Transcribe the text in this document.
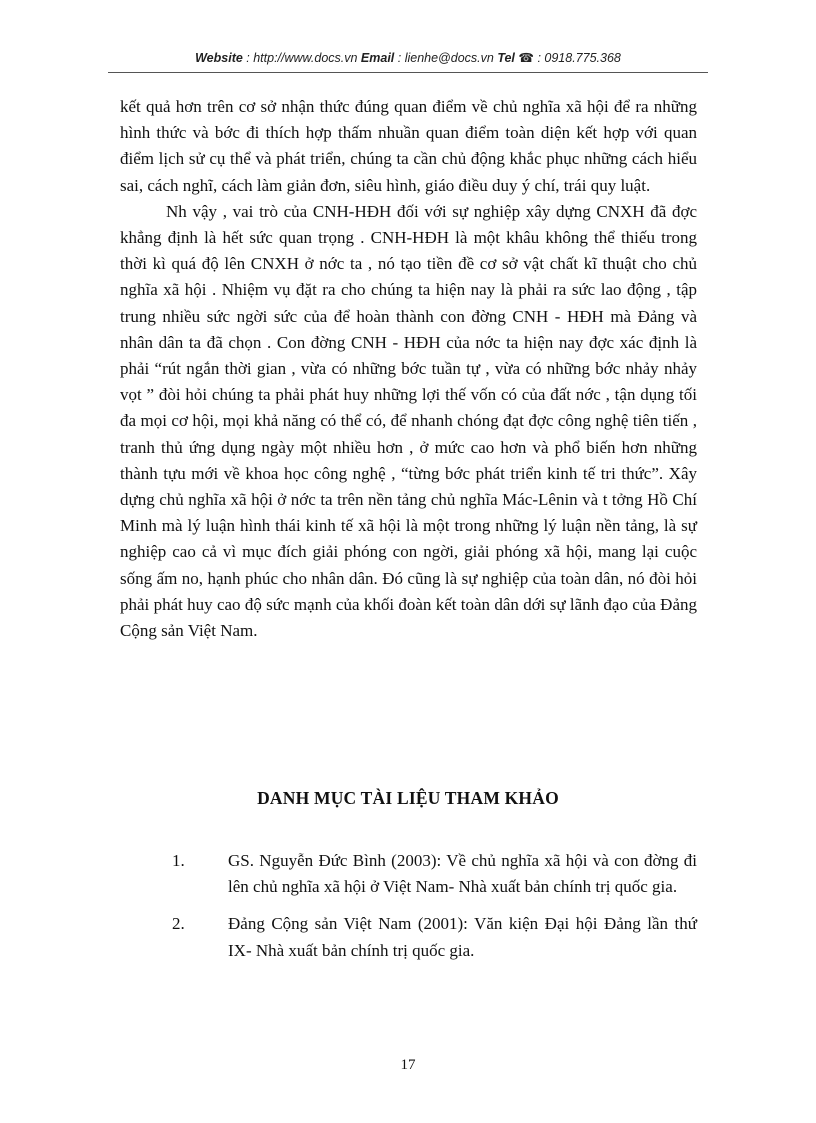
Website : http://www.docs.vn Email : lienhe@docs.vn Tel ☎ : 0918.775.368

kết quả hơn trên cơ sở nhận thức đúng quan điểm về chủ nghĩa xã hội để ra những hình thức và bớc đi thích hợp thấm nhuần quan điểm toàn diện kết hợp với quan điểm lịch sử cụ thể và phát triển, chúng ta cần chủ động khắc phục những cách hiểu sai, cách nghĩ, cách làm giản đơn, siêu hình, giáo điều duy ý chí, trái quy luật.

Nh vậy , vai trò của CNH-HĐH đối với sự nghiệp xây dựng CNXH đã đợc khẳng định là hết sức quan trọng . CNH-HĐH là một khâu không thể thiếu trong thời kì quá độ lên CNXH ở nớc ta , nó tạo tiền đề cơ sở vật chất kĩ thuật cho chủ nghĩa xã hội . Nhiệm vụ đặt ra cho chúng ta hiện nay là phải ra sức lao động , tập trung nhiều sức ngời sức của để hoàn thành con đờng CNH - HĐH mà Đảng và nhân dân ta đã chọn . Con đờng CNH - HĐH của nớc ta hiện nay đợc xác định là phải “rút ngắn thời gian , vừa có những bớc tuần tự , vừa có những bớc nhảy nhảy vọt ” đòi hỏi chúng ta phải phát huy những lợi thế vốn có của đất nớc , tận dụng tối đa mọi cơ hội, mọi khả năng có thể có, để nhanh chóng đạt đợc công nghệ tiên tiến , tranh thủ ứng dụng ngày một nhiều hơn , ở mức cao hơn và phổ biến hơn những thành tựu mới về khoa học công nghệ , “từng bớc phát triển kinh tế tri thức”. Xây dựng chủ nghĩa xã hội ở nớc ta trên nền tảng chủ nghĩa Mác-Lênin và t tởng Hồ Chí Minh mà lý luận hình thái kinh tế xã hội là một trong những lý luận nền tảng, là sự nghiệp cao cả vì mục đích giải phóng con ngời, giải phóng xã hội, mang lại cuộc sống ấm no, hạnh phúc cho nhân dân. Đó cũng là sự nghiệp của toàn dân, nó đòi hỏi phải phát huy cao độ sức mạnh của khối đoàn kết toàn dân dới sự lãnh đạo của Đảng Cộng sản Việt Nam.

DANH MỤC TÀI LIỆU THAM KHẢO
1.	GS. Nguyễn Đức Bình (2003): Về chủ nghĩa xã hội và con đờng đi lên chủ nghĩa xã hội ở Việt Nam- Nhà xuất bản chính trị quốc gia.
2.	Đảng Cộng sản Việt Nam (2001): Văn kiện Đại hội Đảng lần thứ IX- Nhà xuất bản chính trị quốc gia.
17
